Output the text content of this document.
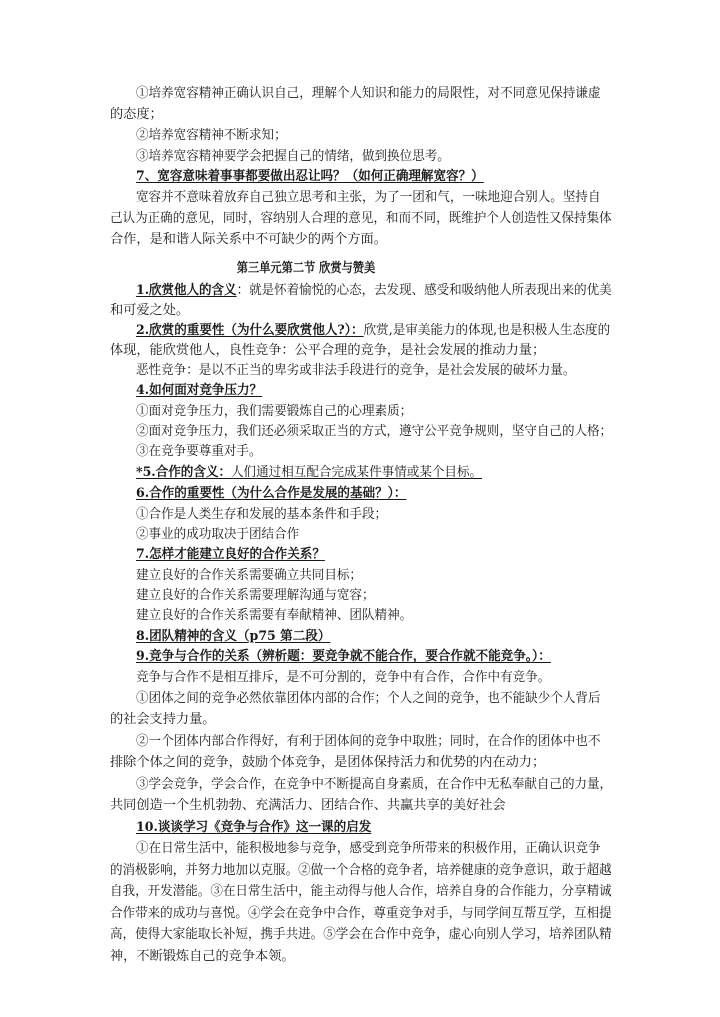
①培养宽容精神正确认识自己，理解个人知识和能力的局限性，对不同意见保持谦虚
的态度；
②培养宽容精神不断求知；
③培养宽容精神要学会把握自己的情绪，做到换位思考。
7、宽容意味着事事都要做出忍让吗？（如何正确理解宽容？）
宽容并不意味着放弃自己独立思考和主张，为了一团和气，一味地迎合别人。坚持自
己认为正确的意见，同时，容纳别人合理的意见，和而不同，既维护个人创造性又保持集体
合作，是和谐人际关系中不可缺少的两个方面。
第三单元第二节 欣赏与赞美
1.欣赏他人的含义：就是怀着愉悦的心态，去发现、感受和吸纳他人所表现出来的优美
和可爱之处。
2.欣赏的重要性（为什么要欣赏他人?）：欣赏,是审美能力的体现,也是积极人生态度的
体现，能欣赏他人，良性竞争：公平合理的竞争，是社会发展的推动力量；
恶性竞争：是以不正当的卑劣或非法手段进行的竞争，是社会发展的破坏力量。
4.如何面对竞争压力？
①面对竞争压力，我们需要锻炼自己的心理素质；
②面对竞争压力，我们还必须采取正当的方式，遵守公平竞争规则，坚守自己的人格；
③在竞争要尊重对手。
*5.合作的含义：人们通过相互配合完成某件事情或某个目标。
6.合作的重要性（为什么合作是发展的基础？）：
①合作是人类生存和发展的基本条件和手段；
②事业的成功取决于团结合作
7.怎样才能建立良好的合作关系？
建立良好的合作关系需要确立共同目标；
建立良好的合作关系需要理解沟通与宽容；
建立良好的合作关系需要有奉献精神、团队精神。
8.团队精神的含义（p75 第二段）
9.竞争与合作的关系（辨析题：要竞争就不能合作，要合作就不能竞争。）：
竞争与合作不是相互排斥，是不可分割的，竞争中有合作，合作中有竞争。
①团体之间的竞争必然依靠团体内部的合作；个人之间的竞争，也不能缺少个人背后
的社会支持力量。
②一个团体内部合作得好，有利于团体间的竞争中取胜；同时，在合作的团体中也不
排除个体之间的竞争，鼓励个体竞争，是团体保持活力和优势的内在动力；
③学会竞争，学会合作，在竞争中不断提高自身素质，在合作中无私奉献自己的力量，
共同创造一个生机勃勃、充满活力、团结合作、共赢共享的美好社会
10.谈谈学习《竞争与合作》这一课的启发
①在日常生活中，能积极地参与竞争，感受到竞争所带来的积极作用，正确认识竞争
的消极影响，并努力地加以克服。②做一个合格的竞争者，培养健康的竞争意识，敢于超越
自我，开发潜能。③在日常生活中，能主动得与他人合作，培养自身的合作能力，分享精诚
合作带来的成功与喜悦。④学会在竞争中合作，尊重竞争对手，与同学间互帮互学，互相提
高，使得大家能取长补短，携手共进。⑤学会在合作中竞争，虚心向别人学习，培养团队精
神，不断锻炼自己的竞争本领。
